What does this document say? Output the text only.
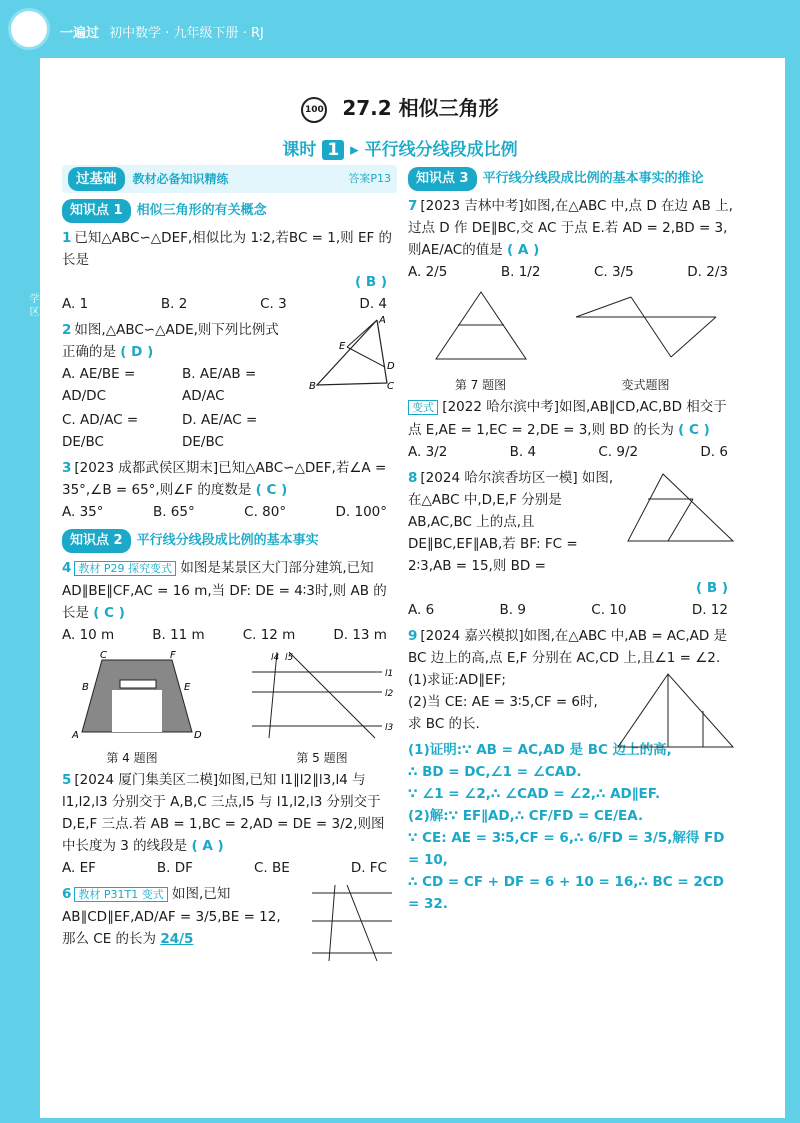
一遍过 初中数学 · 九年级下册 · RJ
学 区
100 27.2 相似三角形
课时 1 ▸ 平行线分线段成比例
过基础	教材必备知识精练	答案P13
知识点 1	相似三角形的有关概念
1 已知△ABC∽△DEF,相似比为 1∶2,若BC = 1,则 EF 的长是
( B )
A. 1	B. 2	C. 3	D. 4
2 如图,△ABC∽△ADE,则下列比例式正确的是 ( D )
A
B	C
D
E
A. AE/BE = AD/DC
B. AE/AB = AD/AC
C. AD/AC = DE/BC
D. AE/AC = DE/BC
3 [2023 成都武侯区期末]已知△ABC∽△DEF,若∠A = 35°,∠B = 65°,则∠F 的度数是 ( C )
A. 35°	B. 65°	C. 80°	D. 100°
知识点 2	平行线分线段成比例的基本事实
4 教材 P29 探究变式 如图是某景区大门部分建筑,已知 AD∥BE∥CF,AC = 16 m,当 DF: DE = 4∶3时,则 AB 的长是 ( C )
A. 10 m	B. 11 m	C. 12 m	D. 13 m
C	F
B	E
A	D
第 4 题图
l4 l5
l1
l2
l3
第 5 题图
5 [2024 厦门集美区二模]如图,已知 l1∥l2∥l3,l4 与 l1,l2,l3 分别交于 A,B,C 三点,l5 与 l1,l2,l3 分别交于 D,E,F 三点.若 AB = 1,BC = 2,AD = DE = 3/2,则图中长度为 3 的线段是 ( A )
A. EF	B. DF	C. BE	D. FC
6 教材 P31T1 变式 如图,已知AB∥CD∥EF,AD/AF = 3/5,BE = 12,那么 CE 的长为 24/5
知识点 3	平行线分线段成比例的基本事实的推论
7 [2023 吉林中考]如图,在△ABC 中,点 D 在边 AB 上,过点 D 作 DE∥BC,交 AC 于点 E.若 AD = 2,BD = 3,则AE/AC的值是 ( A )
A. 2/5	B. 1/2	C. 3/5	D. 2/3
第 7 题图	变式题图
变式 [2022 哈尔滨中考]如图,AB∥CD,AC,BD 相交于点 E,AE = 1,EC = 2,DE = 3,则 BD 的长为 ( C )
A. 3/2	B. 4	C. 9/2	D. 6
8 [2024 哈尔滨香坊区一模] 如图,在△ABC 中,D,E,F 分别是 AB,AC,BC 上的点,且 DE∥BC,EF∥AB,若 BF: FC = 2∶3,AB = 15,则 BD =
( B )
A. 6	B. 9	C. 10	D. 12
9 [2024 嘉兴模拟]如图,在△ABC 中,AB = AC,AD 是 BC 边上的高,点 E,F 分别在 AC,CD 上,且∠1 = ∠2.
(1)求证:AD∥EF;
(2)当 CE: AE = 3∶5,CF = 6时,求 BC 的长.
(1)证明:∵ AB = AC,AD 是 BC 边上的高,
∴ BD = DC,∠1 = ∠CAD.
∵ ∠1 = ∠2,∴ ∠CAD = ∠2,∴ AD∥EF.
(2)解:∵ EF∥AD,∴ CF/FD = CE/EA.
∵ CE: AE = 3∶5,CF = 6,∴ 6/FD = 3/5,解得 FD = 10,
∴ CD = CF + DF = 6 + 10 = 16,∴ BC = 2CD = 32.
20 上课认真听 下课练习多
